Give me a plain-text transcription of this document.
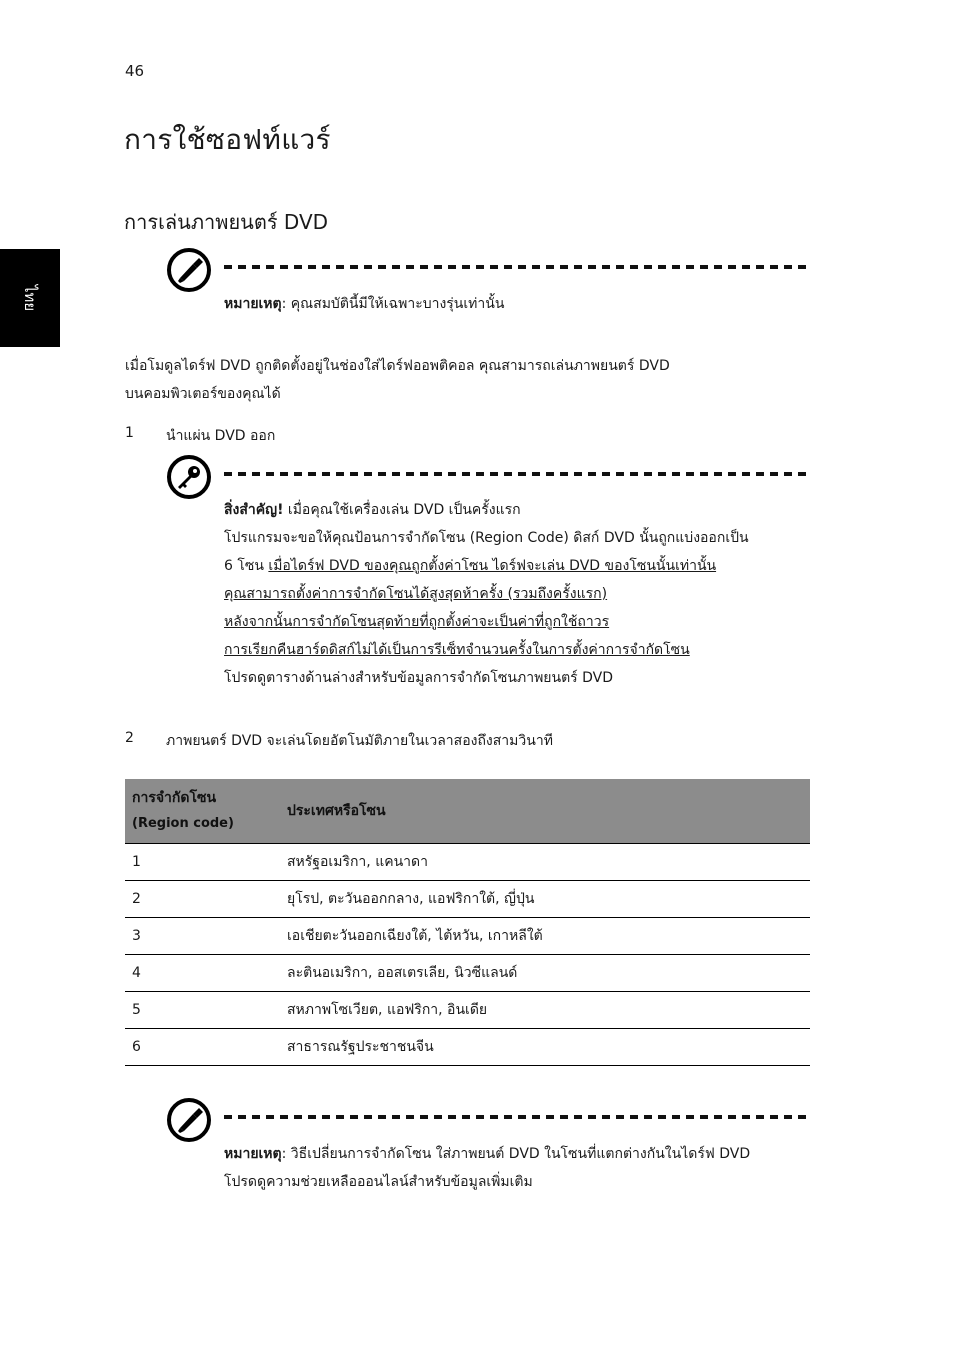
46
การใช้ซอฟท์แวร์
การเล่นภาพยนตร์ DVD
ไทย	หมายเหตุ: คุณสมบัตินี้มีให้เฉพาะบางรุ่นเท่านั้น
เมื่อโมดูลไดร์ฟ DVD ถูกติดตั้งอยู่ในช่องใส่ไดร์ฟออพติคอล คุณสามารถเล่นภาพยนตร์ DVD
บนคอมพิวเตอร์ของคุณได้
1 นำแผ่น DVD ออก
สิ่งสำคัญ! เมื่อคุณใช้เครื่องเล่น DVD เป็นครั้งแรก
โปรแกรมจะขอให้คุณป้อนการจำกัดโซน (Region Code) ดิสก์ DVD นั้นถูกแบ่งออกเป็น
6 โซน เมื่อไดร์ฟ DVD ของคุณถูกตั้งค่าโซน ไดร์ฟจะเล่น DVD ของโซนนั้นเท่านั้น
คุณสามารถตั้งค่าการจำกัดโซนได้สูงสุดห้าครั้ง (รวมถึงครั้งแรก)
หลังจากนั้นการจำกัดโซนสุดท้ายที่ถูกตั้งค่าจะเป็นค่าที่ถูกใช้ถาวร
การเรียกคืนฮาร์ดดิสก์ไม่ได้เป็นการรีเซ็ทจำนวนครั้งในการตั้งค่าการจำกัดโซน
โปรดดูตารางด้านล่างสำหรับข้อมูลการจำกัดโซนภาพยนตร์ DVD
2 ภาพยนตร์ DVD จะเล่นโดยอัตโนมัติภายในเวลาสองถึงสามวินาที
การจำกัดโซน
(Region code)	ประเทศหรือโซน
1	สหรัฐอเมริกา, แคนาดา
2	ยุโรป, ตะวันออกกลาง, แอฟริกาใต้, ญี่ปุ่น
3	เอเชียตะวันออกเฉียงใต้, ไต้หวัน, เกาหลีใต้
4	ละตินอเมริกา, ออสเตรเลีย, นิวซีแลนด์
5	สหภาพโซเวียต, แอฟริกา, อินเดีย
6	สาธารณรัฐประชาชนจีน
หมายเหตุ: วิธีเปลี่ยนการจำกัดโซน ใส่ภาพยนต์ DVD ในโซนที่แตกต่างกันในไดร์ฟ DVD
โปรดดูความช่วยเหลือออนไลน์สำหรับข้อมูลเพิ่มเติม
